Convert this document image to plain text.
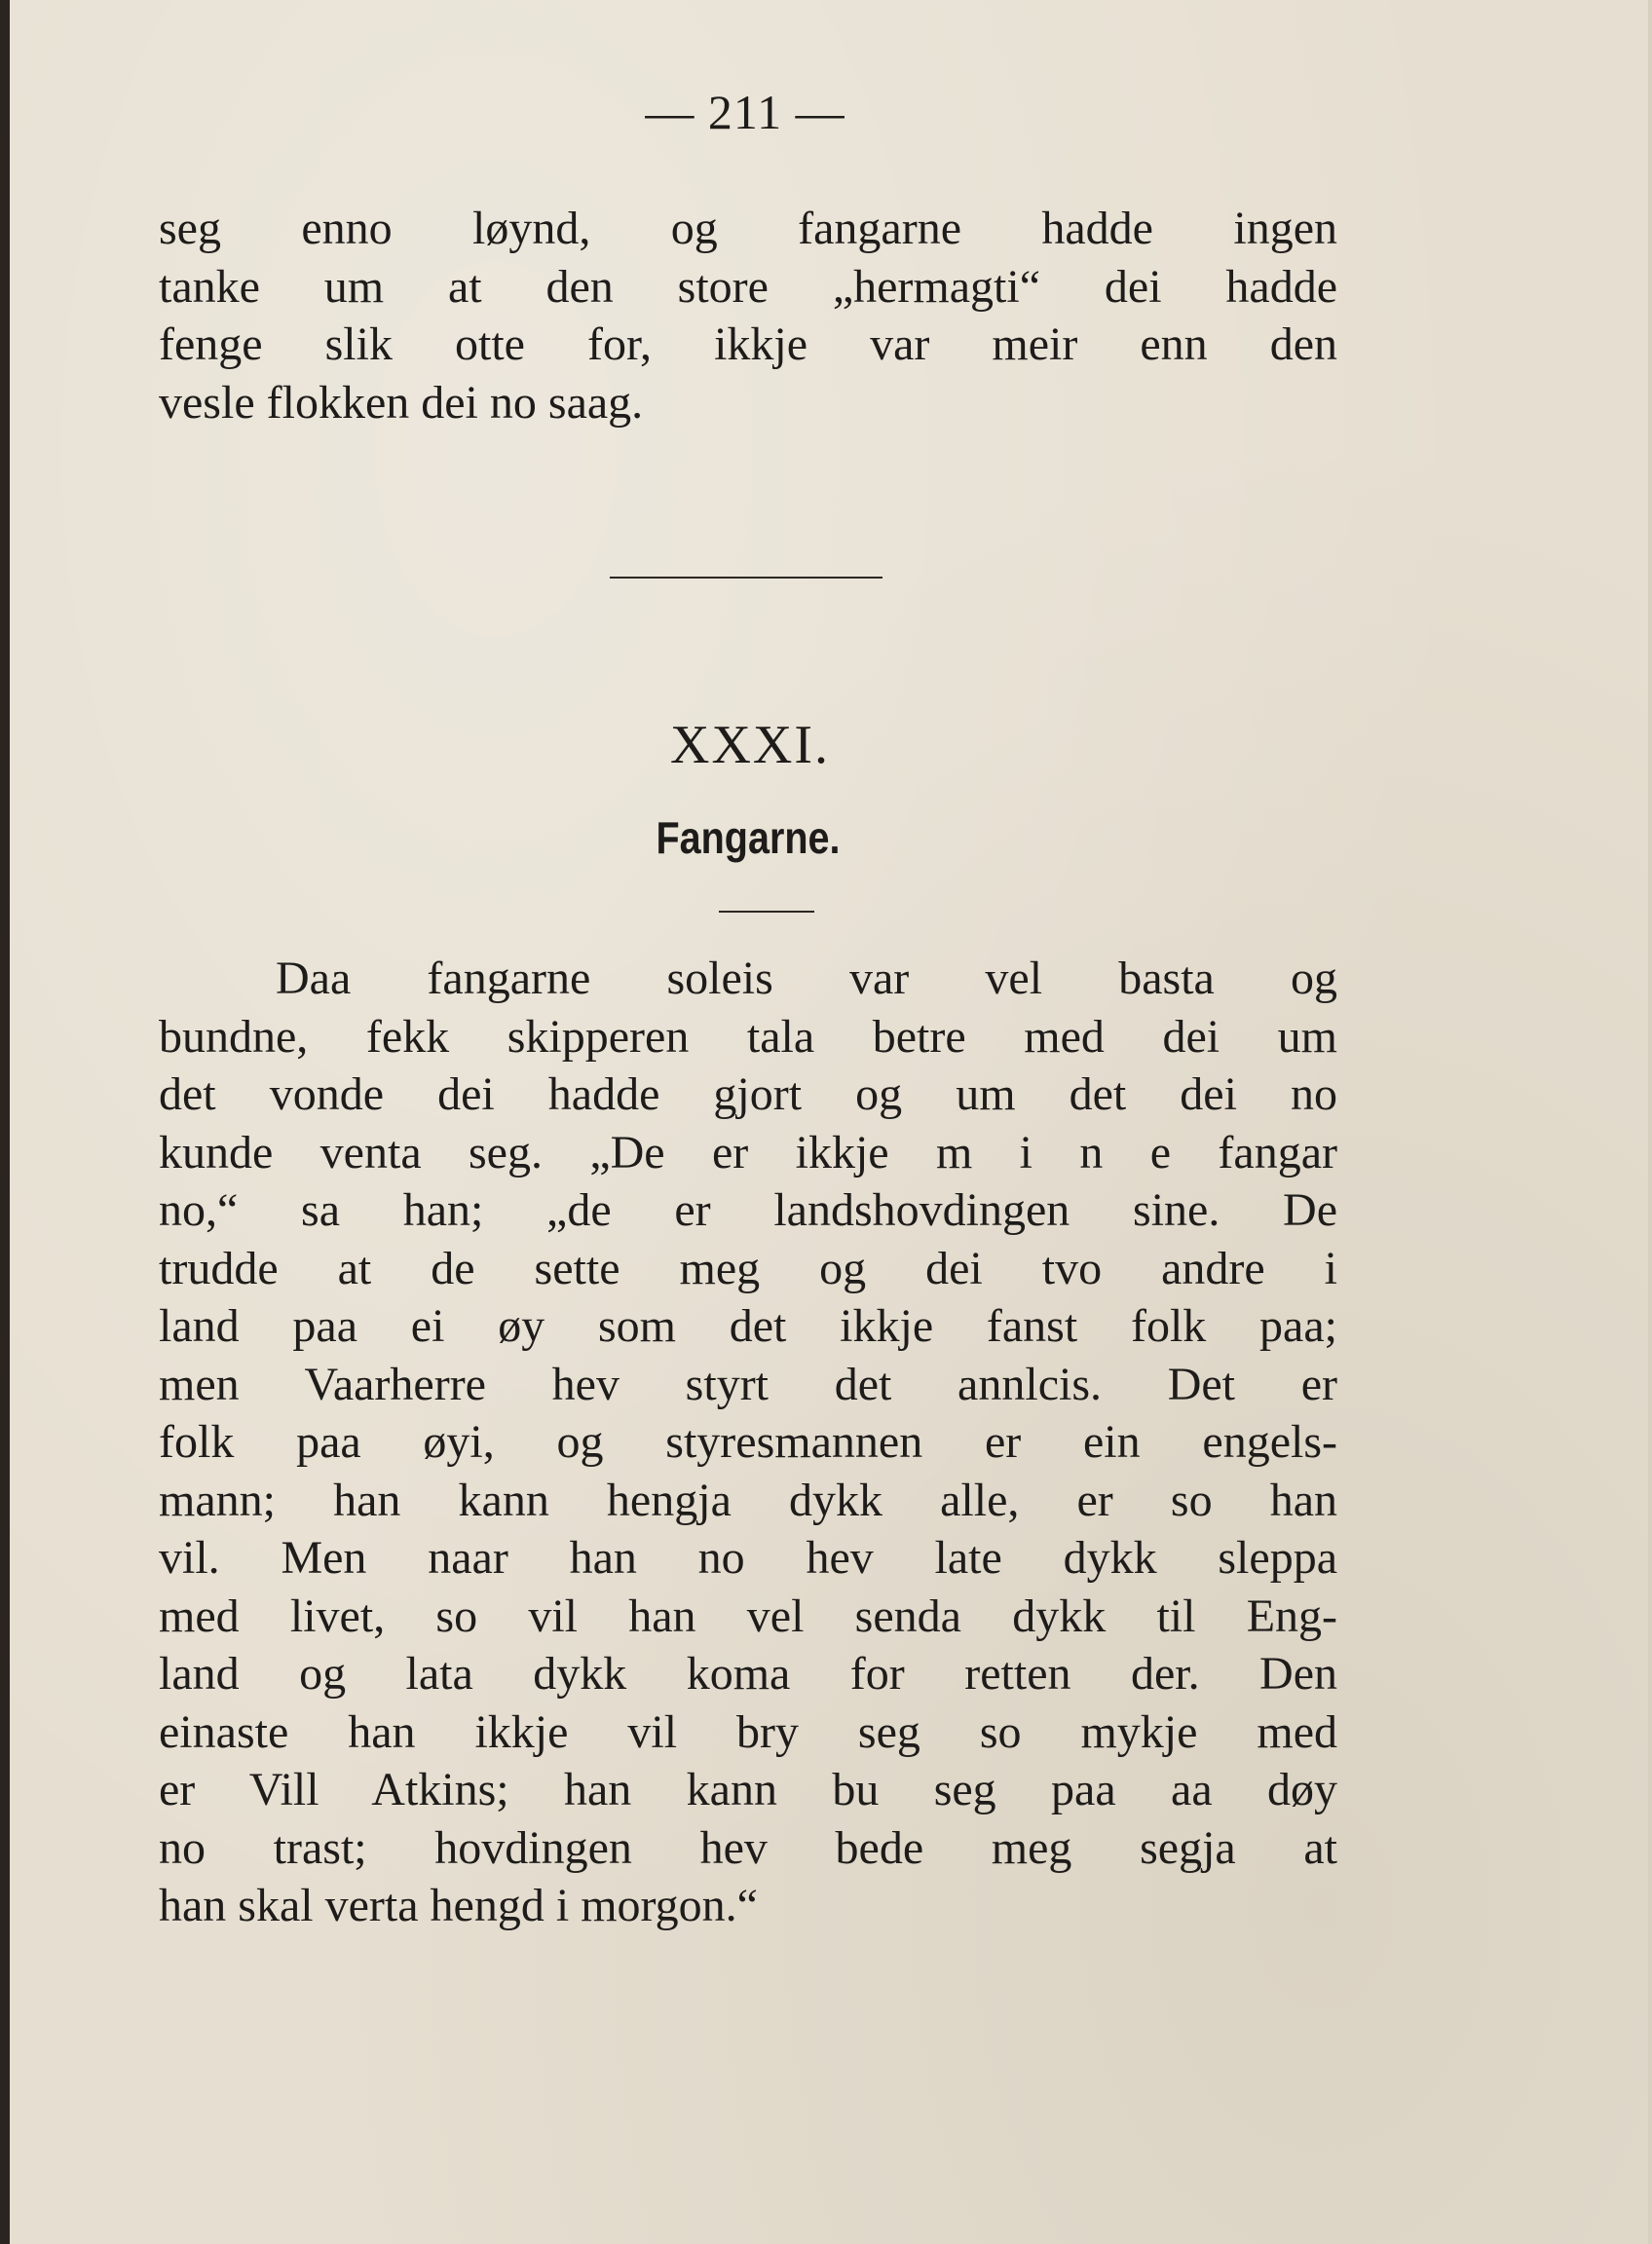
— 211 —
seg enno løynd, og fangarne hadde ingen
tanke um at den store „hermagti“ dei hadde
fenge slik otte for, ikkje var meir enn den
vesle flokken dei no saag.
XXXI.
Fangarne.
Daa fangarne soleis var vel basta og
bundne, fekk skipperen tala betre med dei um
det vonde dei hadde gjort og um det dei no
kunde venta seg. „De er ikkje m i n e fangar
no,“ sa han; „de er landshovdingen sine. De
trudde at de sette meg og dei tvo andre i
land paa ei øy som det ikkje fanst folk paa;
men Vaarherre hev styrt det annlcis. Det er
folk paa øyi, og styresmannen er ein engels-
mann; han kann hengja dykk alle, er so han
vil. Men naar han no hev late dykk sleppa
med livet, so vil han vel senda dykk til Eng-
land og lata dykk koma for retten der. Den
einaste han ikkje vil bry seg so mykje med
er Vill Atkins; han kann bu seg paa aa døy
no trast; hovdingen hev bede meg segja at
han skal verta hengd i morgon.“
